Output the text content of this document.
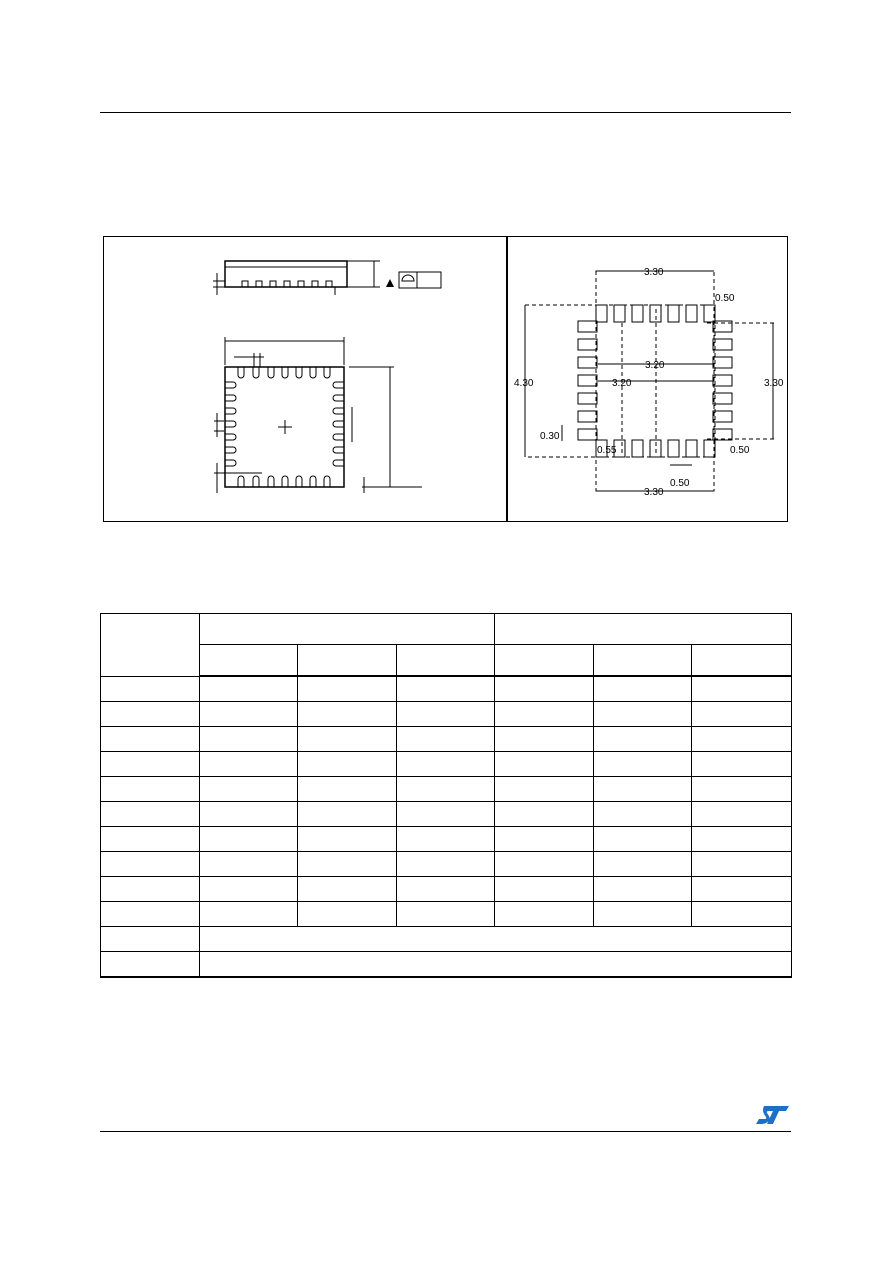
3.30
0.50
3.20
3.20
4.30	3.30
0.30
0.55	0.50
0.50
3.30
